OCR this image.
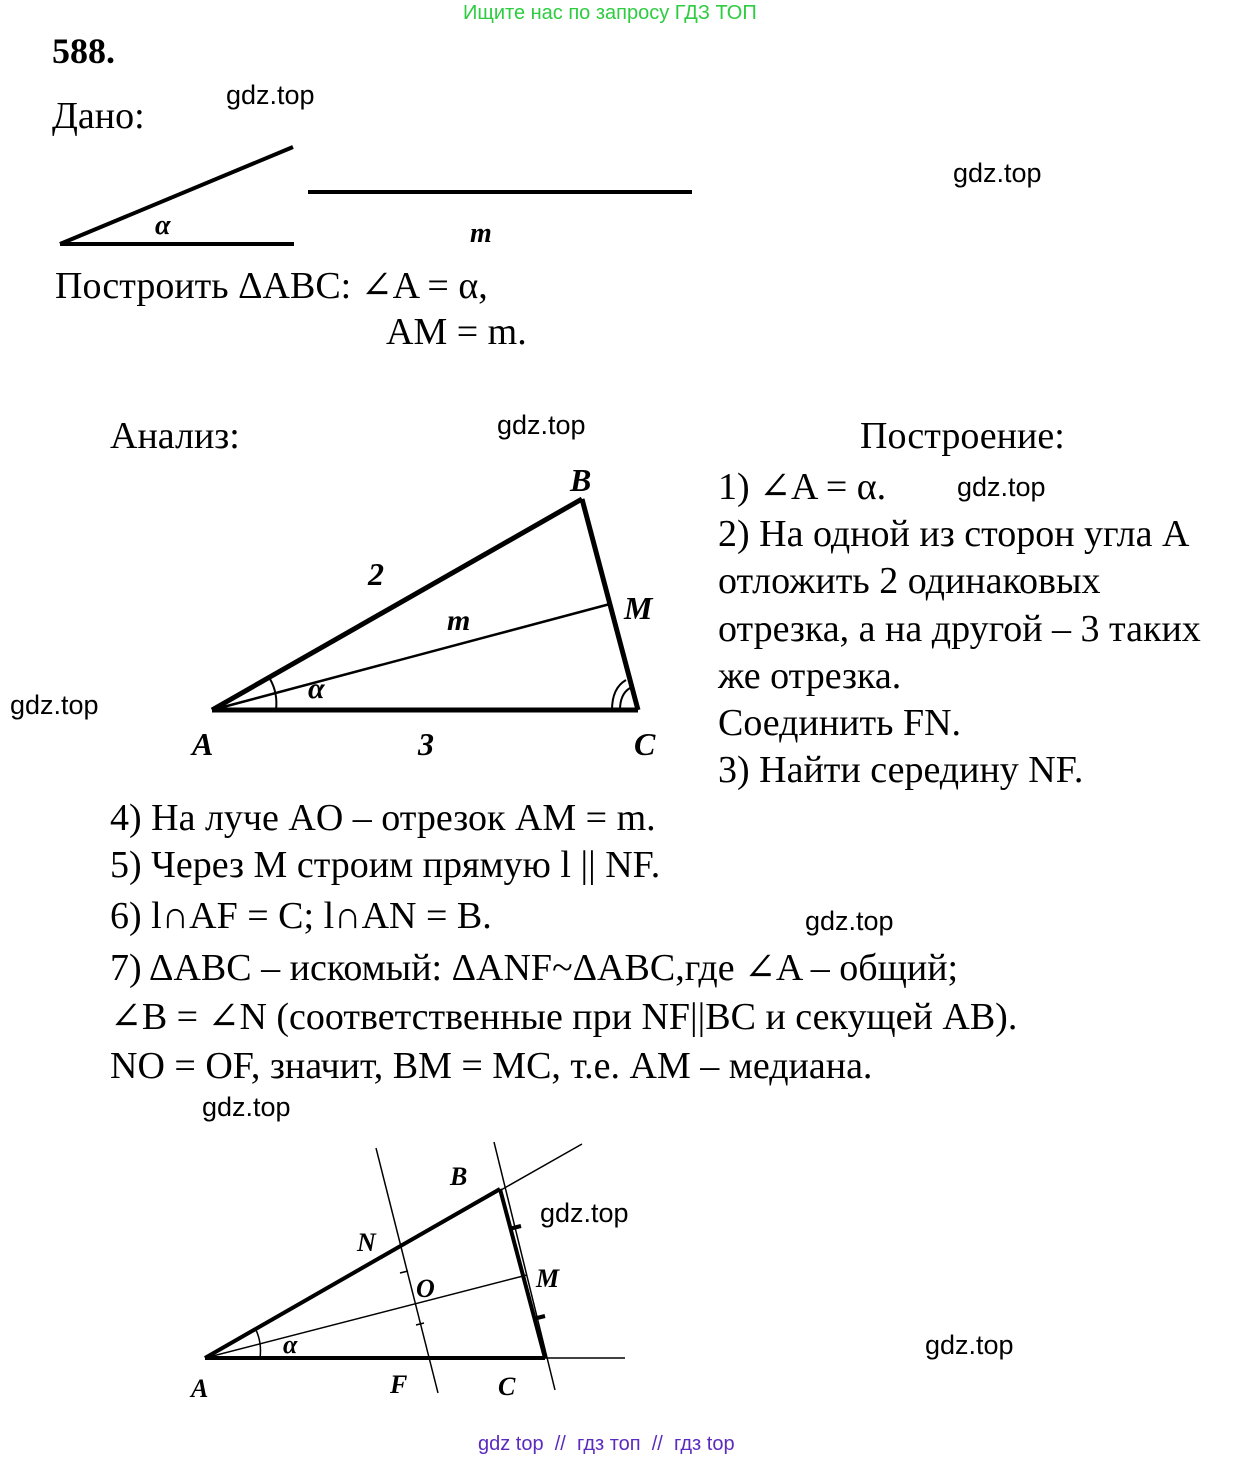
Ищите нас по запросу ГДЗ ТОП
588.
Дано:
α	m
Построить ΔABC: ∠A = α,
AM = m.
Анализ:	Построение:
B
M
A	C
2
3
m
α
1) ∠A = α.
2) На одной из сторон угла A
отложить 2 одинаковых
отрезка, а на другой – 3 таких
же отрезка.
Соединить FN.
3) Найти середину NF.
4) На луче AO – отрезок AM = m.
5) Через M строим прямую l || NF.
6) l∩AF = C; l∩AN = B.
7) ΔABC – искомый: ΔANF~ΔABC,где ∠A – общий;
∠B = ∠N (соответственные при NF||BC и секущей AB).
NO = OF, значит, BM = MC, т.е. AM – медиана.
B
N
O	M
A	F	C
α
gdz.top
gdz.top
gdz.top
gdz.top
gdz.top
gdz.top
gdz.top
gdz.top
gdz.top
gdz top  //  гдз топ  //  гдз top
